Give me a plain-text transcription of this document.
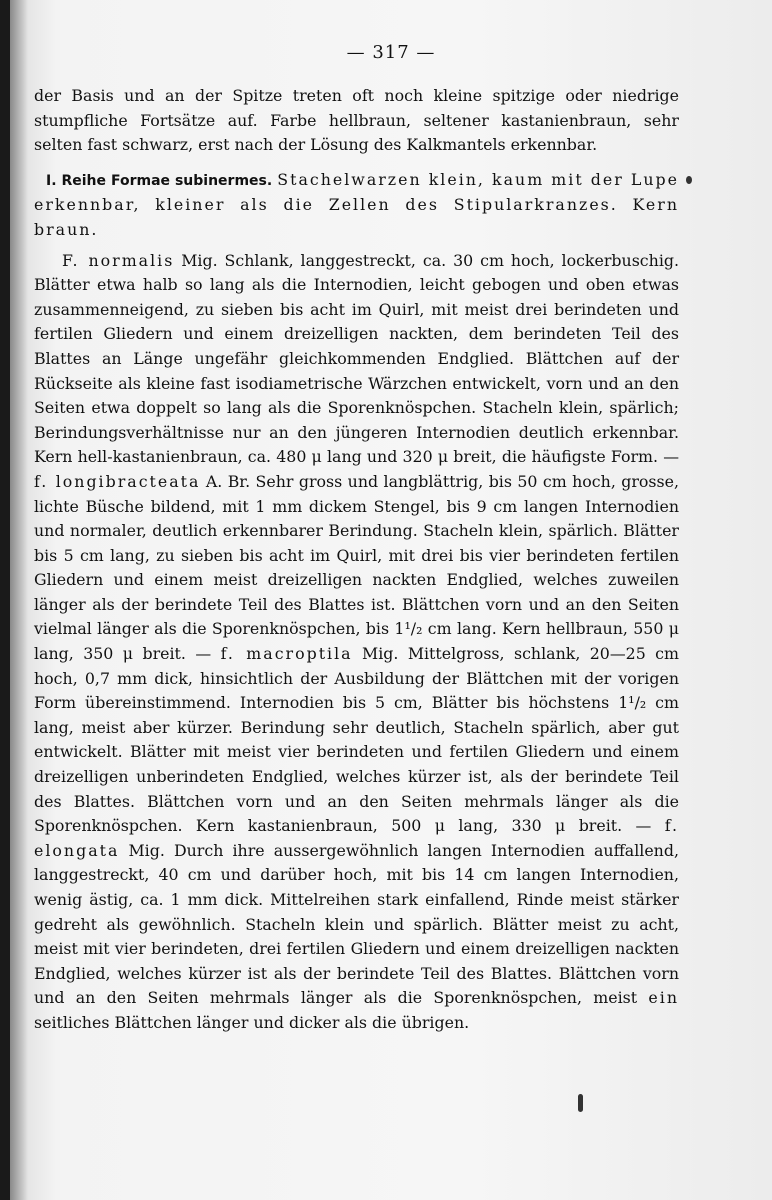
— 317 —

der Basis und an der Spitze treten oft noch kleine spitzige oder niedrige stumpfliche Fortsätze auf. Farbe hellbraun, seltener kastanienbraun, sehr selten fast schwarz, erst nach der Lösung des Kalkmantels erkennbar.

I. Reihe Formae subinermes. Stachelwarzen klein, kaum mit der Lupe erkennbar, kleiner als die Zellen des Stipularkranzes. Kern braun.

F. normalis Mig. Schlank, langgestreckt, ca. 30 cm hoch, lockerbuschig. Blätter etwa halb so lang als die Internodien, leicht gebogen und oben etwas zusammenneigend, zu sieben bis acht im Quirl, mit meist drei berindeten und fertilen Gliedern und einem dreizelligen nackten, dem berindeten Teil des Blattes an Länge ungefähr gleichkommenden Endglied. Blättchen auf der Rückseite als kleine fast isodiametrische Wärzchen entwickelt, vorn und an den Seiten etwa doppelt so lang als die Sporenknöspchen. Stacheln klein, spärlich; Berindungsverhältnisse nur an den jüngeren Internodien deutlich erkennbar. Kern hell-kastanienbraun, ca. 480 μ lang und 320 μ breit, die häufigste Form. — f. longibracteata A. Br. Sehr gross und langblättrig, bis 50 cm hoch, grosse, lichte Büsche bildend, mit 1 mm dickem Stengel, bis 9 cm langen Internodien und normaler, deutlich erkennbarer Berindung. Stacheln klein, spärlich. Blätter bis 5 cm lang, zu sieben bis acht im Quirl, mit drei bis vier berindeten fertilen Gliedern und einem meist dreizelligen nackten Endglied, welches zuweilen länger als der berindete Teil des Blattes ist. Blättchen vorn und an den Seiten vielmal länger als die Sporenknöspchen, bis 1¹/₂ cm lang. Kern hellbraun, 550 μ lang, 350 μ breit. — f. macroptila Mig. Mittelgross, schlank, 20—25 cm hoch, 0,7 mm dick, hinsichtlich der Ausbildung der Blättchen mit der vorigen Form übereinstimmend. Internodien bis 5 cm, Blätter bis höchstens 1¹/₂ cm lang, meist aber kürzer. Berindung sehr deutlich, Stacheln spärlich, aber gut entwickelt. Blätter mit meist vier berindeten und fertilen Gliedern und einem dreizelligen unberindeten Endglied, welches kürzer ist, als der berindete Teil des Blattes. Blättchen vorn und an den Seiten mehrmals länger als die Sporenknöspchen. Kern kastanienbraun, 500 μ lang, 330 μ breit. — f. elongata Mig. Durch ihre aussergewöhnlich langen Internodien auffallend, langgestreckt, 40 cm und darüber hoch, mit bis 14 cm langen Internodien, wenig ästig, ca. 1 mm dick. Mittelreihen stark einfallend, Rinde meist stärker gedreht als gewöhnlich. Stacheln klein und spärlich. Blätter meist zu acht, meist mit vier berindeten, drei fertilen Gliedern und einem dreizelligen nackten Endglied, welches kürzer ist als der berindete Teil des Blattes. Blättchen vorn und an den Seiten mehrmals länger als die Sporenknöspchen, meist ein seitliches Blättchen länger und dicker als die übrigen.
